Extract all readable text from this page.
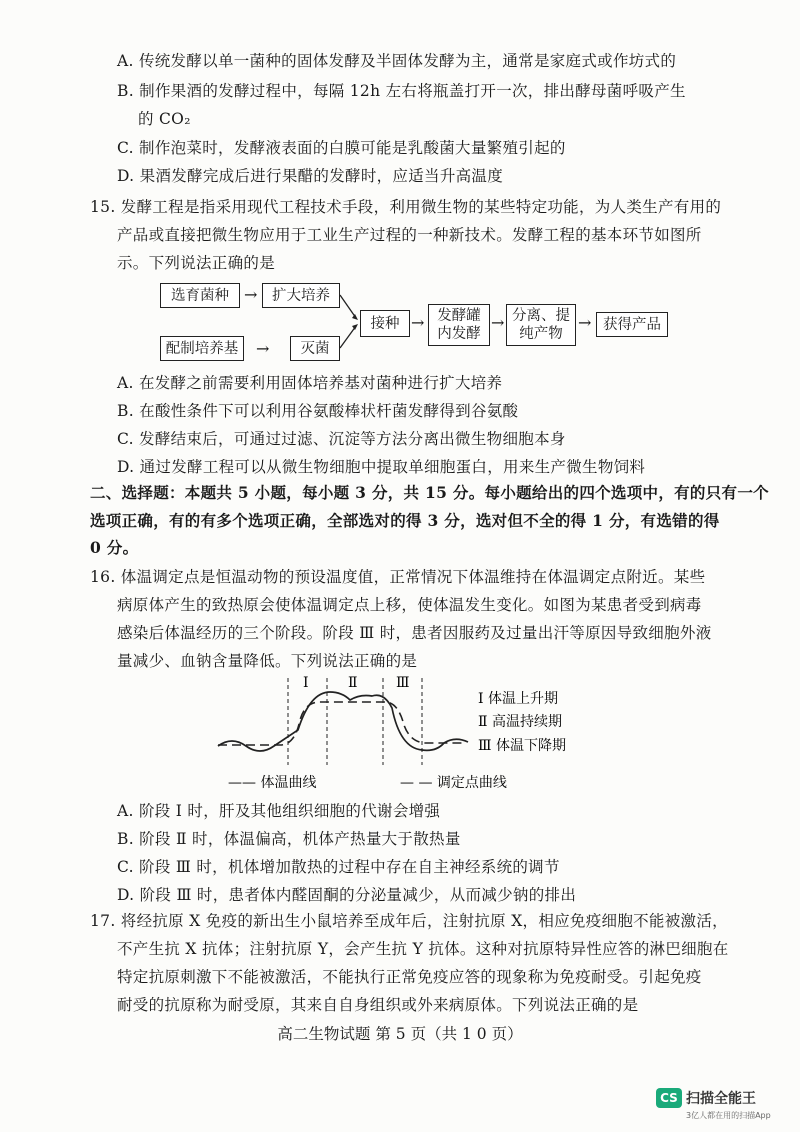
A. 传统发酵以单一菌种的固体发酵及半固体发酵为主，通常是家庭式或作坊式的
B. 制作果酒的发酵过程中，每隔 12h 左右将瓶盖打开一次，排出酵母菌呼吸产生
的 CO₂
C. 制作泡菜时，发酵液表面的白膜可能是乳酸菌大量繁殖引起的
D. 果酒发酵完成后进行果醋的发酵时，应适当升高温度
15. 发酵工程是指采用现代工程技术手段，利用微生物的某些特定功能，为人类生产有用的
产品或直接把微生物应用于工业生产过程的一种新技术。发酵工程的基本环节如图所
示。下列说法正确的是
选育菌种 →	扩大培养
配制培养基	→	灭菌
接种 → 发酵罐
内发酵
→ 分离、提
纯产物
→ 获得产品
A. 在发酵之前需要利用固体培养基对菌种进行扩大培养
B. 在酸性条件下可以利用谷氨酸棒状杆菌发酵得到谷氨酸
C. 发酵结束后，可通过过滤、沉淀等方法分离出微生物细胞本身
D. 通过发酵工程可以从微生物细胞中提取单细胞蛋白，用来生产微生物饲料
二、选择题：本题共 5 小题，每小题 3 分，共 15 分。每小题给出的四个选项中，有的只有一个
选项正确，有的有多个选项正确，全部选对的得 3 分，选对但不全的得 1 分，有选错的得
0 分。
16. 体温调定点是恒温动物的预设温度值，正常情况下体温维持在体温调定点附近。某些
病原体产生的致热原会使体温调定点上移，使体温发生变化。如图为某患者受到病毒
感染后体温经历的三个阶段。阶段 Ⅲ 时，患者因服药及过量出汗等原因导致细胞外液
量减少、血钠含量降低。下列说法正确的是
Ⅰ	Ⅱ	Ⅲ
Ⅰ 体温上升期
Ⅱ 高温持续期
Ⅲ 体温下降期
—— 体温曲线	— — 调定点曲线
A. 阶段 Ⅰ 时，肝及其他组织细胞的代谢会增强
B. 阶段 Ⅱ 时，体温偏高，机体产热量大于散热量
C. 阶段 Ⅲ 时，机体增加散热的过程中存在自主神经系统的调节
D. 阶段 Ⅲ 时，患者体内醛固酮的分泌量减少，从而减少钠的排出
17. 将经抗原 X 免疫的新出生小鼠培养至成年后，注射抗原 X，相应免疫细胞不能被激活，
不产生抗 X 抗体；注射抗原 Y，会产生抗 Y 抗体。这种对抗原特异性应答的淋巴细胞在
特定抗原刺激下不能被激活，不能执行正常免疫应答的现象称为免疫耐受。引起免疫
耐受的抗原称为耐受原，其来自自身组织或外来病原体。下列说法正确的是
高二生物试题 第 5 页（共 1 0 页）
CS 扫描全能王
3亿人都在用的扫描App
